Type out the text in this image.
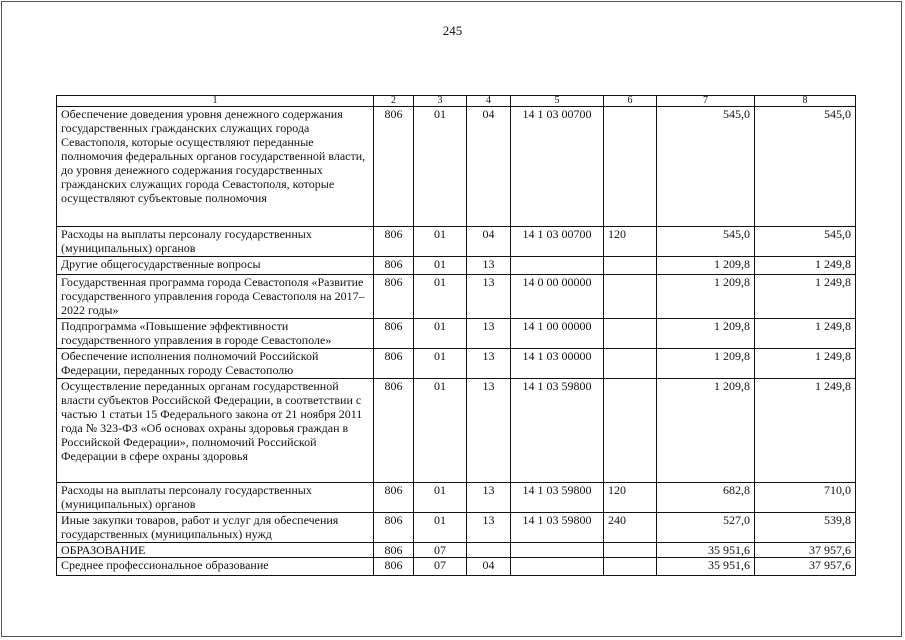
245
1	2	3	4	5	6	7	8
Обеспечение доведения уровня денежного содержания государственных гражданских служащих города Севастополя, которые осуществляют переданные полномочия федеральных органов государственной власти, до уровня денежного содержания государственных гражданских служащих города Севастополя, которые осуществляют субъектовые полномочия	806	01	04	14 1 03 00700		545,0	545,0
Расходы на выплаты персоналу государственных (муниципальных) органов	806	01	04	14 1 03 00700	120	545,0	545,0
Другие общегосударственные вопросы	806	01	13			1 209,8	1 249,8
Государственная программа города Севастополя «Развитие государственного управления города Севастополя на 2017–2022 годы»	806	01	13	14 0 00 00000		1 209,8	1 249,8
Подпрограмма «Повышение эффективности государственного управления в городе Севастополе»	806	01	13	14 1 00 00000		1 209,8	1 249,8
Обеспечение исполнения полномочий Российской Федерации, переданных городу Севастополю	806	01	13	14 1 03 00000		1 209,8	1 249,8
Осуществление переданных органам государственной власти субъектов Российской Федерации, в соответствии с частью 1 статьи 15 Федерального закона от 21 ноября 2011 года № 323-ФЗ «Об основах охраны здоровья граждан в Российской Федерации», полномочий Российской Федерации в сфере охраны здоровья	806	01	13	14 1 03 59800		1 209,8	1 249,8
Расходы на выплаты персоналу государственных (муниципальных) органов	806	01	13	14 1 03 59800	120	682,8	710,0
Иные закупки товаров, работ и услуг для обеспечения государственных (муниципальных) нужд	806	01	13	14 1 03 59800	240	527,0	539,8
ОБРАЗОВАНИЕ	806	07				35 951,6	37 957,6
Среднее профессиональное образование	806	07	04			35 951,6	37 957,6
